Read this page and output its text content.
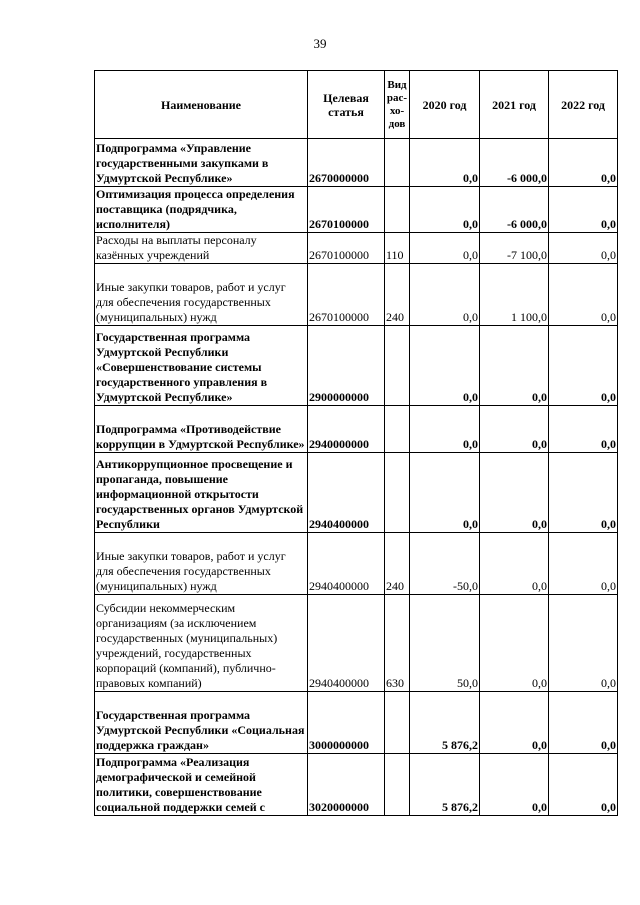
39
Наименование	Целевая статья	Вид рас-хо-дов	2020 год	2021 год	2022 год
Подпрограмма «Управление государственными закупками в Удмуртской Республике»	2670000000		0,0	-6 000,0	0,0
Оптимизация процесса определения поставщика (подрядчика, исполнителя)	2670100000		0,0	-6 000,0	0,0
Расходы на выплаты персоналу казённых учреждений	2670100000	110	0,0	-7 100,0	0,0
Иные закупки товаров, работ и услуг для обеспечения государственных (муниципальных) нужд	2670100000	240	0,0	1 100,0	0,0
Государственная программа Удмуртской Республики «Совершенствование системы государственного управления в Удмуртской Республике»	2900000000		0,0	0,0	0,0
Подпрограмма «Противодействие коррупции в Удмуртской Республике»	2940000000		0,0	0,0	0,0
Антикоррупционное просвещение и пропаганда, повышение информационной открытости государственных органов Удмуртской Республики	2940400000		0,0	0,0	0,0
Иные закупки товаров, работ и услуг для обеспечения государственных (муниципальных) нужд	2940400000	240	-50,0	0,0	0,0
Субсидии некоммерческим организациям (за исключением государственных (муниципальных) учреждений, государственных корпораций (компаний), публично-правовых компаний)	2940400000	630	50,0	0,0	0,0
Государственная программа Удмуртской Республики «Социальная поддержка граждан»	3000000000		5 876,2	0,0	0,0
Подпрограмма «Реализация демографической и семейной политики, совершенствование социальной поддержки семей с	3020000000		5 876,2	0,0	0,0
